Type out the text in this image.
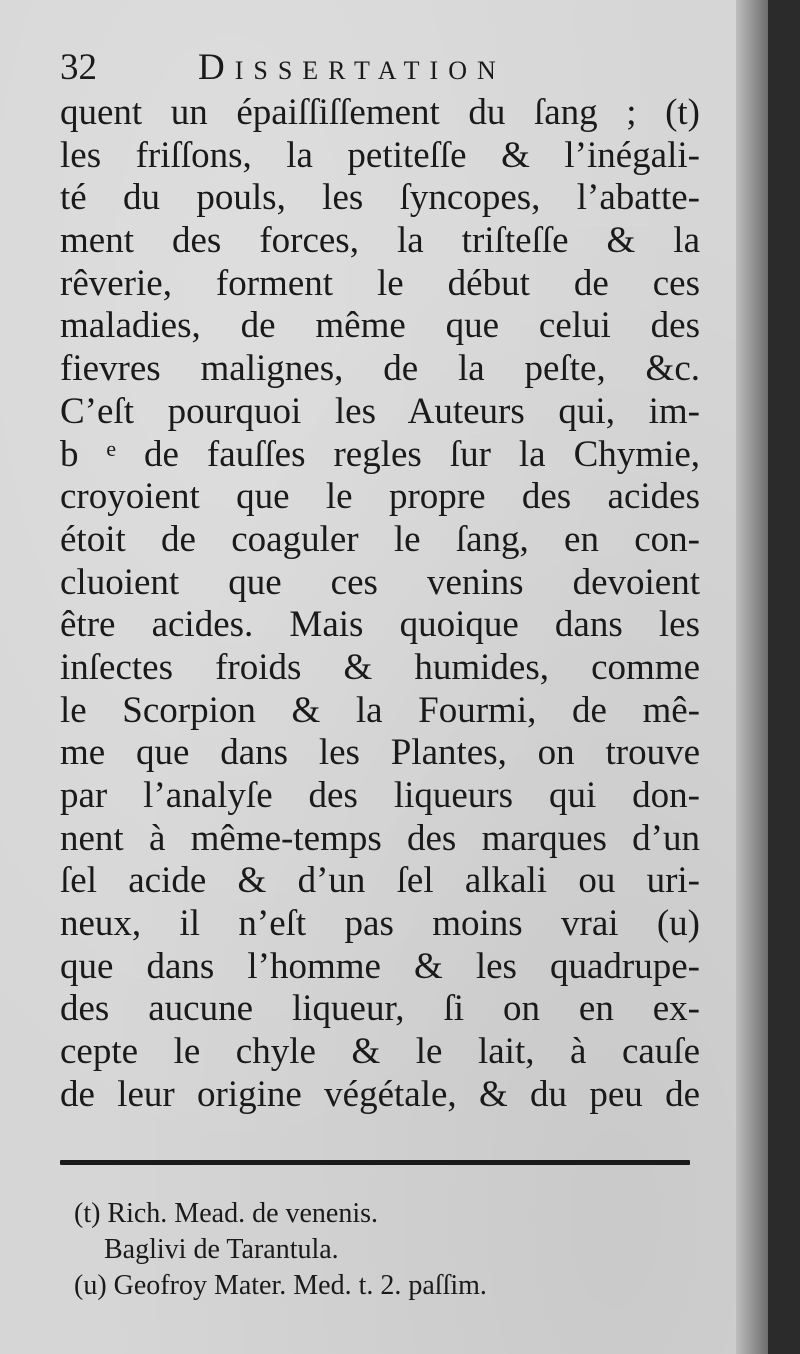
32	Dissertation
quent un épaiſſiſſement du ſang ; (t)
les friſſons, la petiteſſe & l’inégali-
té du pouls, les ſyncopes, l’abatte-
ment des forces, la triſteſſe & la
rêverie, forment le début de ces
maladies, de même que celui des
fievres malignes, de la peſte, &c.
C’eſt pourquoi les Auteurs qui, im-
b ᵉ de fauſſes regles ſur la Chymie,
croyoient que le propre des acides
étoit de coaguler le ſang, en con-
cluoient que ces venins devoient
être acides. Mais quoique dans les
inſectes froids & humides, comme
le Scorpion & la Fourmi, de mê-
me que dans les Plantes, on trouve
par l’analyſe des liqueurs qui don-
nent à même-temps des marques d’un
ſel acide & d’un ſel alkali ou uri-
neux, il n’eſt pas moins vrai (u)
que dans l’homme & les quadrupe-
des aucune liqueur, ſi on en ex-
cepte le chyle & le lait, à cauſe
de leur origine végétale, & du peu de
(t) Rich. Mead. de venenis.
Baglivi de Tarantula.
(u) Geofroy Mater. Med. t. 2. paſſim.
